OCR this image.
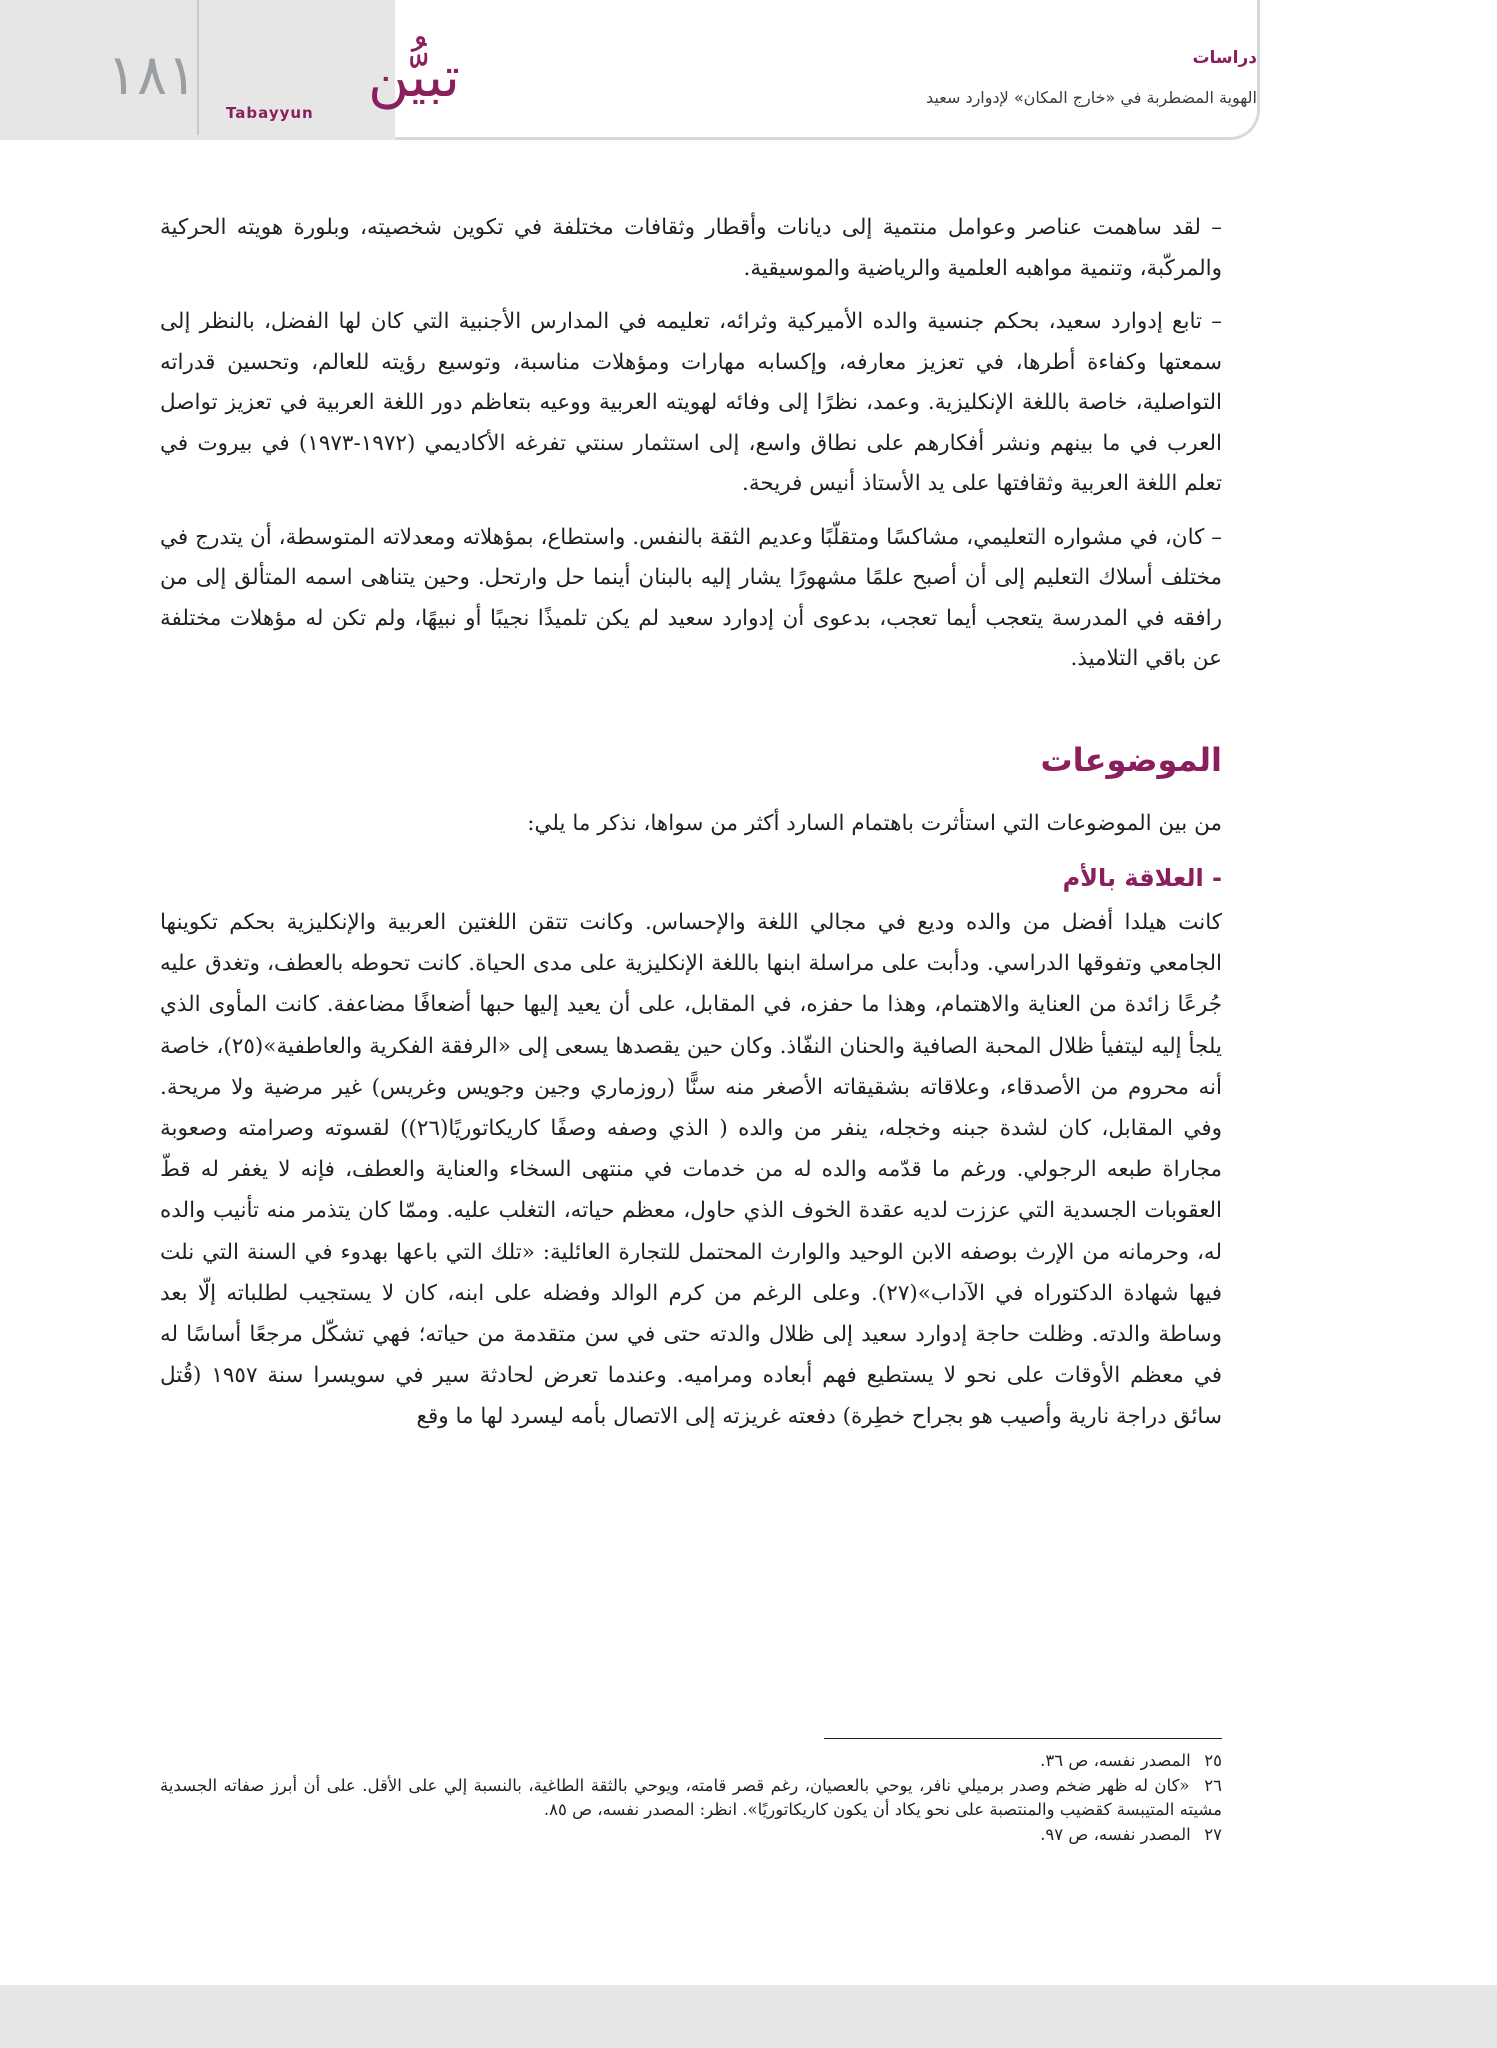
١٨١	تبيُّن
Tabayyun
دراسات
الهوية المضطربة في «خارج المكان» لإدوارد سعيد

– لقد ساهمت عناصر وعوامل منتمية إلى ديانات وأقطار وثقافات مختلفة في تكوين شخصيته، وبلورة هويته الحركية والمركّبة، وتنمية مواهبه العلمية والرياضية والموسيقية.

– تابع إدوارد سعيد، بحكم جنسية والده الأميركية وثرائه، تعليمه في المدارس الأجنبية التي كان لها الفضل، بالنظر إلى سمعتها وكفاءة أطرها، في تعزيز معارفه، وإكسابه مهارات ومؤهلات مناسبة، وتوسيع رؤيته للعالم، وتحسين قدراته التواصلية، خاصة باللغة الإنكليزية. وعمد، نظرًا إلى وفائه لهويته العربية ووعيه بتعاظم دور اللغة العربية في تعزيز تواصل العرب في ما بينهم ونشر أفكارهم على نطاق واسع، إلى استثمار سنتي تفرغه الأكاديمي (١٩٧٢-١٩٧٣) في بيروت في تعلم اللغة العربية وثقافتها على يد الأستاذ أنيس فريحة.

– كان، في مشواره التعليمي، مشاكسًا ومتقلّبًا وعديم الثقة بالنفس. واستطاع، بمؤهلاته ومعدلاته المتوسطة، أن يتدرج في مختلف أسلاك التعليم إلى أن أصبح علمًا مشهورًا يشار إليه بالبنان أينما حل وارتحل. وحين يتناهى اسمه المتألق إلى من رافقه في المدرسة يتعجب أيما تعجب، بدعوى أن إدوارد سعيد لم يكن تلميذًا نجيبًا أو نبيهًا، ولم تكن له مؤهلات مختلفة عن باقي التلاميذ.

الموضوعات

من بين الموضوعات التي استأثرت باهتمام السارد أكثر من سواها، نذكر ما يلي:

- العلاقة بالأم

كانت هيلدا أفضل من والده وديع في مجالي اللغة والإحساس. وكانت تتقن اللغتين العربية والإنكليزية بحكم تكوينها الجامعي وتفوقها الدراسي. ودأبت على مراسلة ابنها باللغة الإنكليزية على مدى الحياة. كانت تحوطه بالعطف، وتغدق عليه جُرعًا زائدة من العناية والاهتمام، وهذا ما حفزه، في المقابل، على أن يعيد إليها حبها أضعافًا مضاعفة. كانت المأوى الذي يلجأ إليه ليتفيأ ظلال المحبة الصافية والحنان النفّاذ. وكان حين يقصدها يسعى إلى «الرفقة الفكرية والعاطفية»(٢٥)، خاصة أنه محروم من الأصدقاء، وعلاقاته بشقيقاته الأصغر منه سنًّا (روزماري وجين وجويس وغريس) غير مرضية ولا مريحة. وفي المقابل، كان لشدة جبنه وخجله، ينفر من والده ( الذي وصفه وصفًا كاريكاتوريًا(٢٦)) لقسوته وصرامته وصعوبة مجاراة طبعه الرجولي. ورغم ما قدّمه والده له من خدمات في منتهى السخاء والعناية والعطف، فإنه لا يغفر له قطّ العقوبات الجسدية التي عززت لديه عقدة الخوف الذي حاول، معظم حياته، التغلب عليه. وممّا كان يتذمر منه تأنيب والده له، وحرمانه من الإرث بوصفه الابن الوحيد والوارث المحتمل للتجارة العائلية: «تلك التي باعها بهدوء في السنة التي نلت فيها شهادة الدكتوراه في الآداب»(٢٧). وعلى الرغم من كرم الوالد وفضله على ابنه، كان لا يستجيب لطلباته إلّا بعد وساطة والدته. وظلت حاجة إدوارد سعيد إلى ظلال والدته حتى في سن متقدمة من حياته؛ فهي تشكّل مرجعًا أساسًا له في معظم الأوقات على نحو لا يستطيع فهم أبعاده ومراميه. وعندما تعرض لحادثة سير في سويسرا سنة ١٩٥٧ (قُتل سائق دراجة نارية وأصيب هو بجراح خطِرة) دفعته غريزته إلى الاتصال بأمه ليسرد لها ما وقع

٢٥ المصدر نفسه، ص ٣٦.

٢٦ «كان له ظهر ضخم وصدر برميلي نافر، يوحي بالعصيان، رغم قصر قامته، ويوحي بالثقة الطاغية، بالنسبة إلي على الأقل. على أن أبرز صفاته الجسدية مشيته المتيبسة كقضيب والمنتصبة على نحو يكاد أن يكون كاريكاتوريًا». انظر: المصدر نفسه، ص ٨٥.

٢٧ المصدر نفسه، ص ٩٧.
